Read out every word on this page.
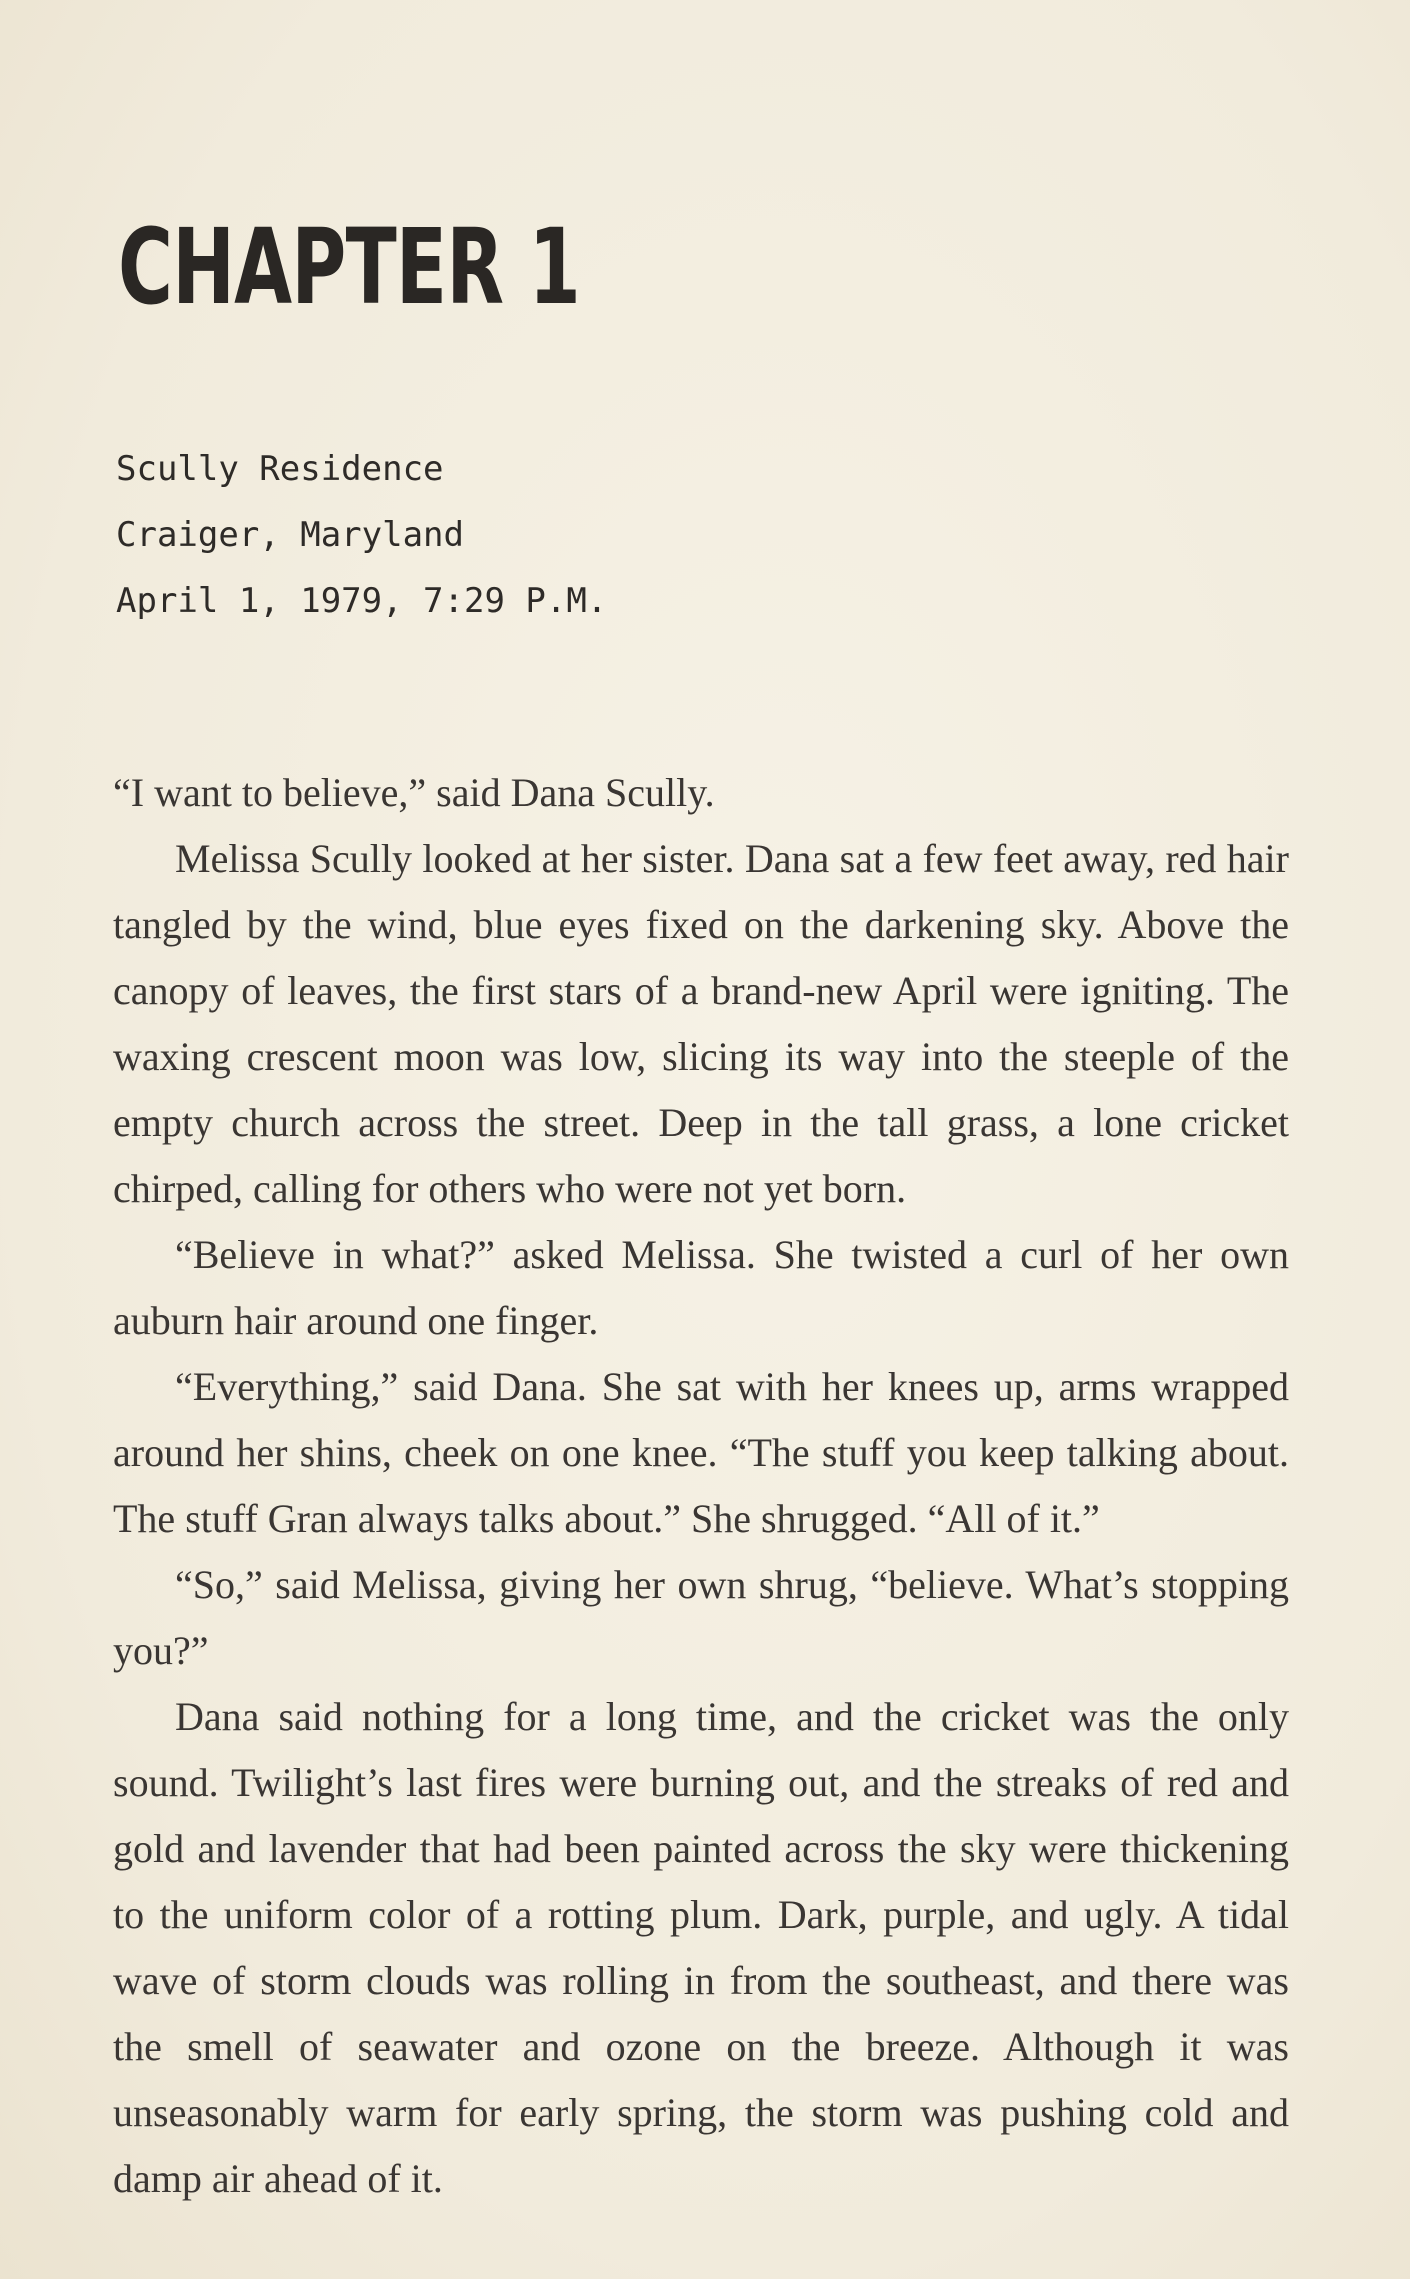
CHAPTER 1
Scully Residence
Craiger, Maryland
April 1, 1979, 7:29 P.M.

“I want to believe,” said Dana Scully.

Melissa Scully looked at her sister. Dana sat a few feet away, red hair tangled by the wind, blue eyes fixed on the darkening sky. Above the canopy of leaves, the first stars of a brand-new April were igniting. The waxing crescent moon was low, slicing its way into the steeple of the empty church across the street. Deep in the tall grass, a lone cricket chirped, calling for others who were not yet born.

“Believe in what?” asked Melissa. She twisted a curl of her own auburn hair around one finger.

“Everything,” said Dana. She sat with her knees up, arms wrapped around her shins, cheek on one knee. “The stuff you keep talking about. The stuff Gran always talks about.” She shrugged. “All of it.”

“So,” said Melissa, giving her own shrug, “believe. What’s stopping you?”

Dana said nothing for a long time, and the cricket was the only sound. Twilight’s last fires were burning out, and the streaks of red and gold and lavender that had been painted across the sky were thickening to the uniform color of a rotting plum. Dark, purple, and ugly. A tidal wave of storm clouds was rolling in from the southeast, and there was the smell of seawater and ozone on the breeze. Although it was unseasonably warm for early spring, the storm was pushing cold and damp air ahead of it.
